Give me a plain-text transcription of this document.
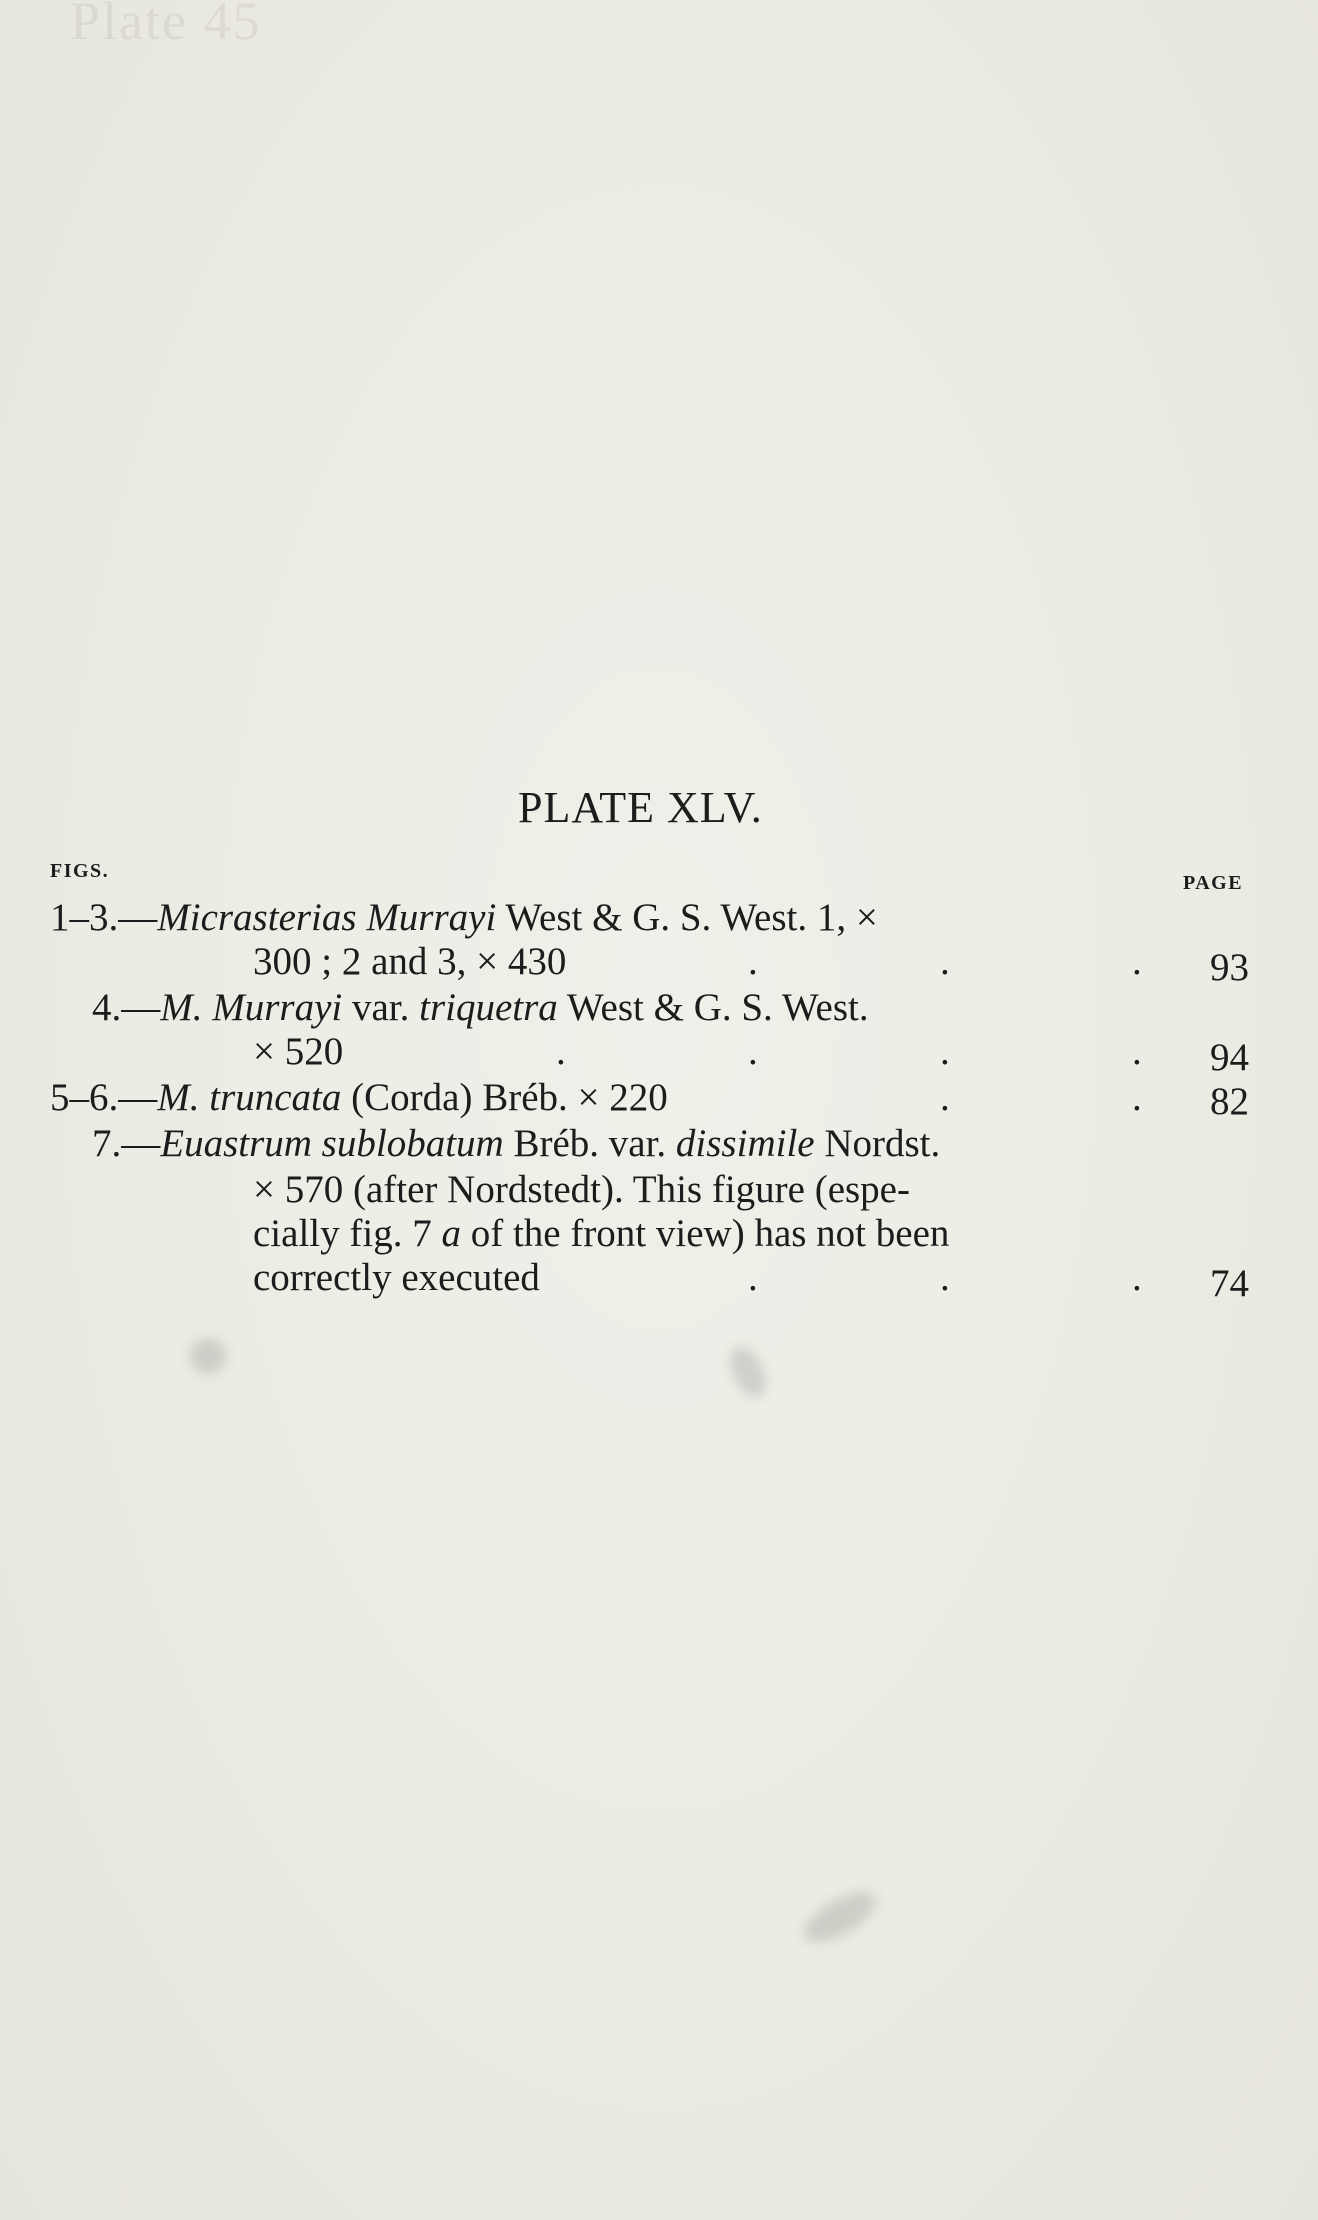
Plate 45
PLATE XLV.
FIGS.
PAGE
1–3.—Micrasterias Murrayi West & G. S. West. 1, ×
300 ; 2 and 3, × 430	.	.	. 93
4.—M. Murrayi var. triquetra West & G. S. West.
× 520	.	.	.	. 94
5–6.—M. truncata (Corda) Bréb. × 220	.	. 82
7.—Euastrum sublobatum Bréb. var. dissimile Nordst.
× 570 (after Nordstedt). This figure (espe-
cially fig. 7 a of the front view) has not been
correctly executed	.	.	. 74
